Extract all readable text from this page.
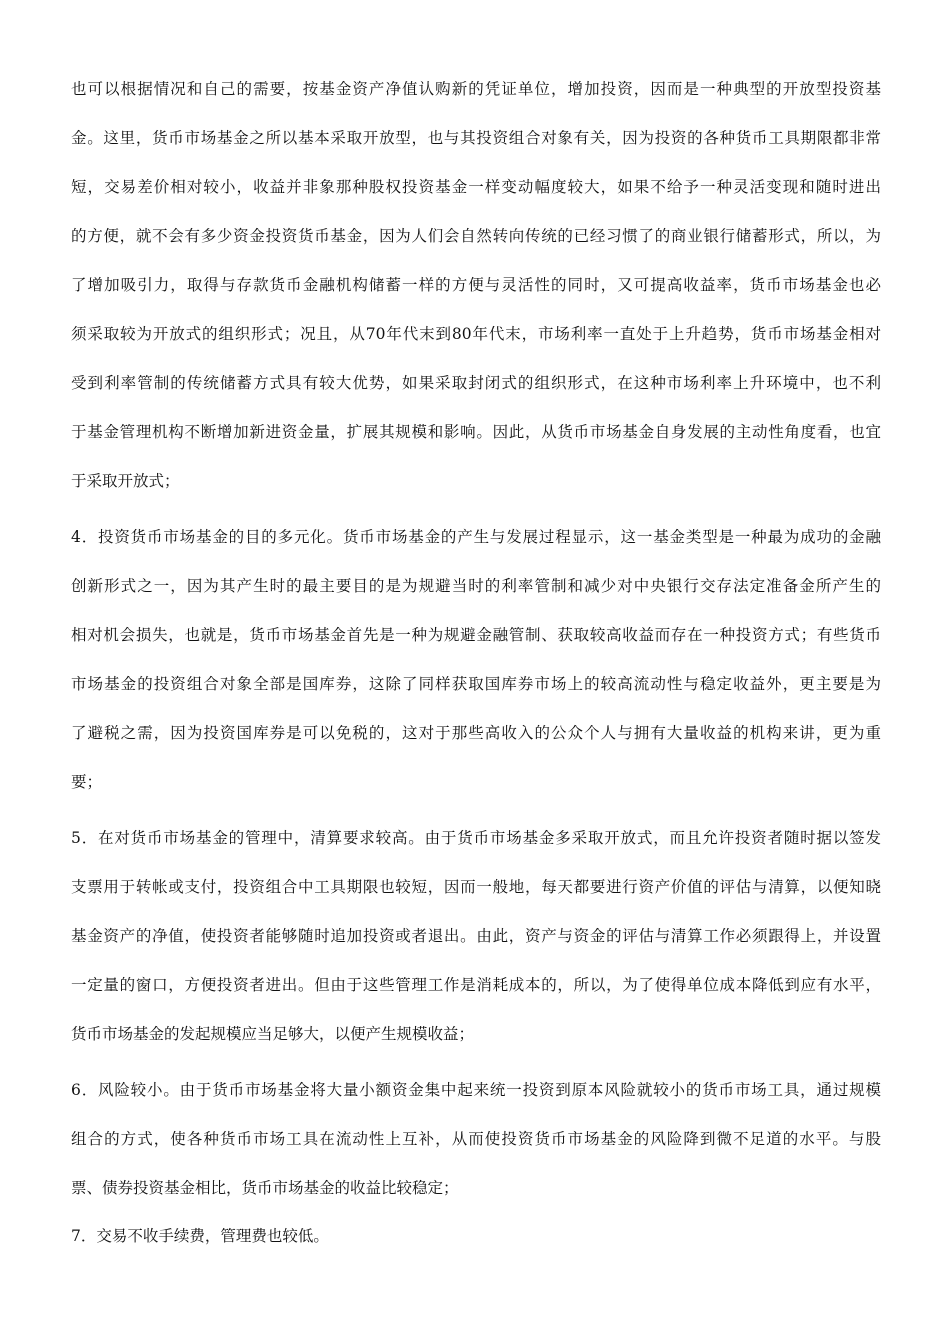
也可以根据情况和自己的需要，按基金资产净值认购新的凭证单位，增加投资，因而是一种典型的开放型投资基
金。这里，货币市场基金之所以基本采取开放型，也与其投资组合对象有关，因为投资的各种货币工具期限都非常
短，交易差价相对较小，收益并非象那种股权投资基金一样变动幅度较大，如果不给予一种灵活变现和随时进出
的方便，就不会有多少资金投资货币基金，因为人们会自然转向传统的已经习惯了的商业银行储蓄形式，所以，为
了增加吸引力，取得与存款货币金融机构储蓄一样的方便与灵活性的同时，又可提高收益率，货币市场基金也必
须采取较为开放式的组织形式；况且，从70年代末到80年代末，市场利率一直处于上升趋势，货币市场基金相对
受到利率管制的传统储蓄方式具有较大优势，如果采取封闭式的组织形式，在这种市场利率上升环境中，也不利
于基金管理机构不断增加新进资金量，扩展其规模和影响。因此，从货币市场基金自身发展的主动性角度看，也宜
于采取开放式；
4．投资货币市场基金的目的多元化。货币市场基金的产生与发展过程显示，这一基金类型是一种最为成功的金融
创新形式之一，因为其产生时的最主要目的是为规避当时的利率管制和减少对中央银行交存法定准备金所产生的
相对机会损失，也就是，货币市场基金首先是一种为规避金融管制、获取较高收益而存在一种投资方式；有些货币
市场基金的投资组合对象全部是国库券，这除了同样获取国库券市场上的较高流动性与稳定收益外，更主要是为
了避税之需，因为投资国库券是可以免税的，这对于那些高收入的公众个人与拥有大量收益的机构来讲，更为重
要；
5．在对货币市场基金的管理中，清算要求较高。由于货币市场基金多采取开放式，而且允许投资者随时据以签发
支票用于转帐或支付，投资组合中工具期限也较短，因而一般地，每天都要进行资产价值的评估与清算，以便知晓
基金资产的净值，使投资者能够随时追加投资或者退出。由此，资产与资金的评估与清算工作必须跟得上，并设置
一定量的窗口，方便投资者进出。但由于这些管理工作是消耗成本的，所以，为了使得单位成本降低到应有水平，
货币市场基金的发起规模应当足够大，以便产生规模收益；
6．风险较小。由于货币市场基金将大量小额资金集中起来统一投资到原本风险就较小的货币市场工具，通过规模
组合的方式，使各种货币市场工具在流动性上互补，从而使投资货币市场基金的风险降到微不足道的水平。与股
票、债券投资基金相比，货币市场基金的收益比较稳定；
7．交易不收手续费，管理费也较低。
